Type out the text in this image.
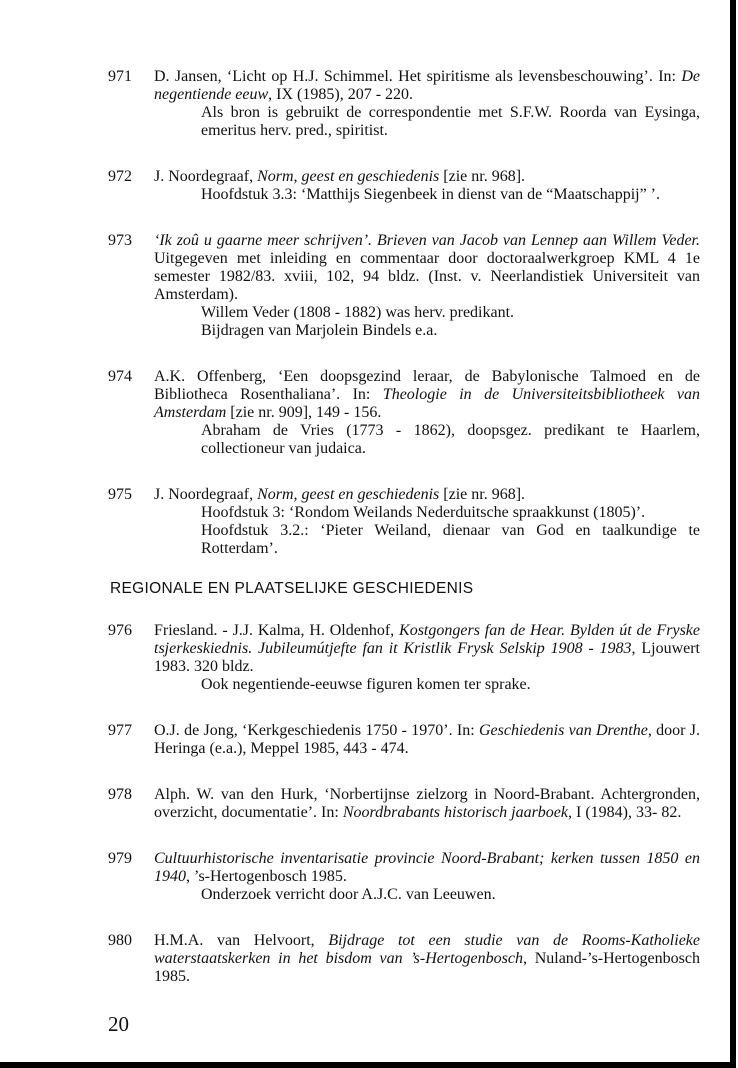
971 D. Jansen, ‘Licht op H.J. Schimmel. Het spiritisme als levensbeschouwing’. In: De negentiende eeuw, IX (1985), 207 - 220.
Als bron is gebruikt de correspondentie met S.F.W. Roorda van Eysinga, emeritus herv. pred., spiritist.
972 J. Noordegraaf, Norm, geest en geschiedenis [zie nr. 968].
Hoofdstuk 3.3: ‘Matthijs Siegenbeek in dienst van de “Maatschappij” ’.
973 ‘Ik zoû u gaarne meer schrijven’. Brieven van Jacob van Lennep aan Willem Veder. Uitgegeven met inleiding en commentaar door doctoraalwerkgroep KML 4 1e semester 1982/83. xviii, 102, 94 bldz. (Inst. v. Neerlandistiek Universiteit van Amsterdam).
Willem Veder (1808 - 1882) was herv. predikant.
Bijdragen van Marjolein Bindels e.a.
974 A.K. Offenberg, ‘Een doopsgezind leraar, de Babylonische Talmoed en de Bibliotheca Rosenthaliana’. In: Theologie in de Universiteitsbibliotheek van Amsterdam [zie nr. 909], 149 - 156.
Abraham de Vries (1773 - 1862), doopsgez. predikant te Haarlem, collectioneur van judaica.
975 J. Noordegraaf, Norm, geest en geschiedenis [zie nr. 968].
Hoofdstuk 3: ‘Rondom Weilands Nederduitsche spraakkunst (1805)’.
Hoofdstuk 3.2.: ‘Pieter Weiland, dienaar van God en taalkundige te Rotterdam’.
REGIONALE EN PLAATSELIJKE GESCHIEDENIS
976 Friesland. - J.J. Kalma, H. Oldenhof, Kostgongers fan de Hear. Bylden út de Fryske tsjerkeskiednis. Jubileumútjefte fan it Kristlik Frysk Selskip 1908 - 1983, Ljouwert 1983. 320 bldz.
Ook negentiende-eeuwse figuren komen ter sprake.
977 O.J. de Jong, ‘Kerkgeschiedenis 1750 - 1970’. In: Geschiedenis van Drenthe, door J. Heringa (e.a.), Meppel 1985, 443 - 474.
978 Alph. W. van den Hurk, ‘Norbertijnse zielzorg in Noord-Brabant. Achtergronden, overzicht, documentatie’. In: Noordbrabants historisch jaarboek, I (1984), 33- 82.
979 Cultuurhistorische inventarisatie provincie Noord-Brabant; kerken tussen 1850 en 1940, ’s-Hertogenbosch 1985.
Onderzoek verricht door A.J.C. van Leeuwen.
980 H.M.A. van Helvoort, Bijdrage tot een studie van de Rooms-Katholieke waterstaatskerken in het bisdom van ’s-Hertogenbosch, Nuland-’s-Hertogenbosch 1985.
20
